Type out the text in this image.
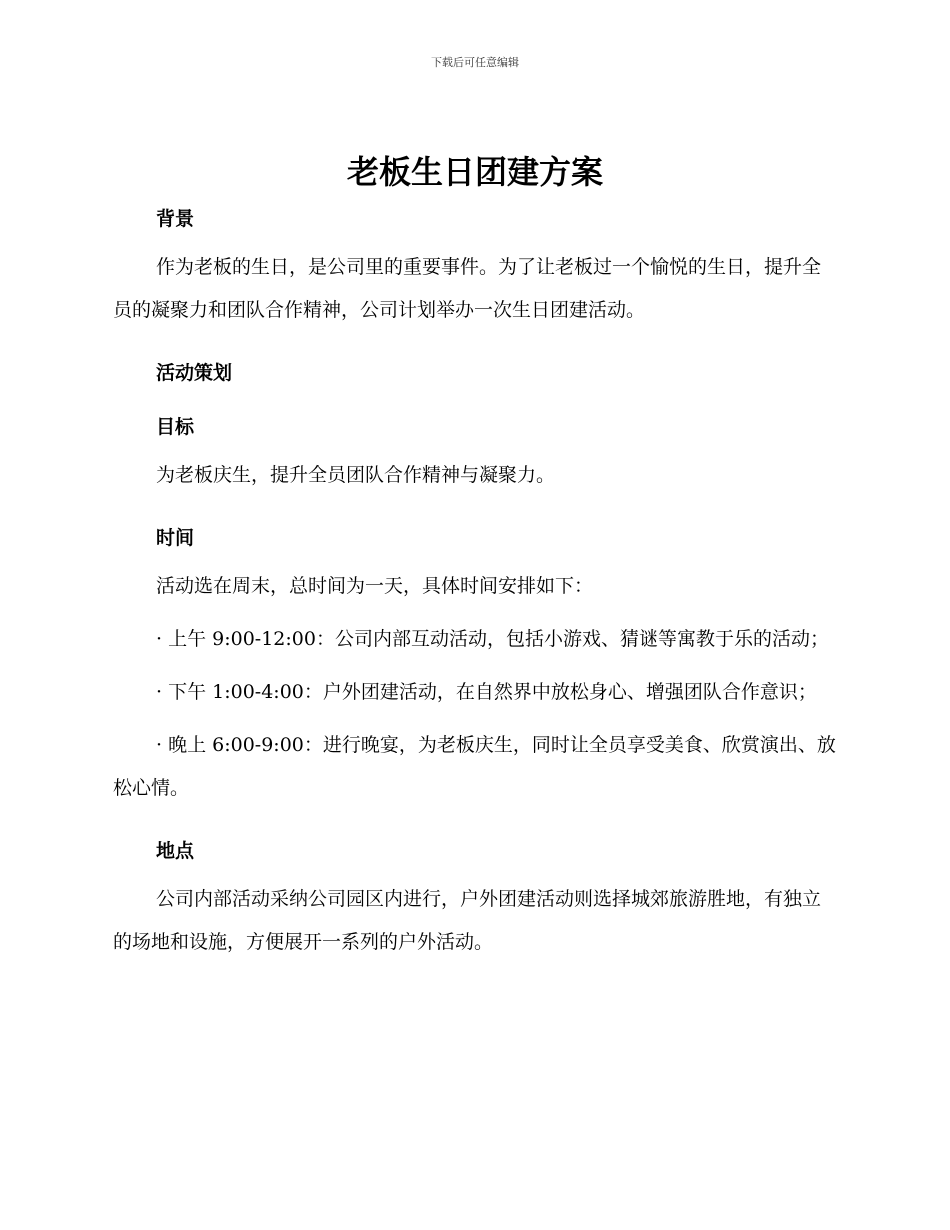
下载后可任意编辑
老板生日团建方案
背景

作为老板的生日，是公司里的重要事件。为了让老板过一个愉悦的生日，提升全员的凝聚力和团队合作精神，公司计划举办一次生日团建活动。

活动策划
目标

为老板庆生，提升全员团队合作精神与凝聚力。

时间

活动选在周末，总时间为一天，具体时间安排如下：

· 上午 9:00-12:00：公司内部互动活动，包括小游戏、猜谜等寓教于乐的活动；

· 下午 1:00-4:00：户外团建活动，在自然界中放松身心、增强团队合作意识；

· 晚上 6:00-9:00：进行晚宴，为老板庆生，同时让全员享受美食、欣赏演出、放松心情。

地点

公司内部活动采纳公司园区内进行，户外团建活动则选择城郊旅游胜地，有独立的场地和设施，方便展开一系列的户外活动。
